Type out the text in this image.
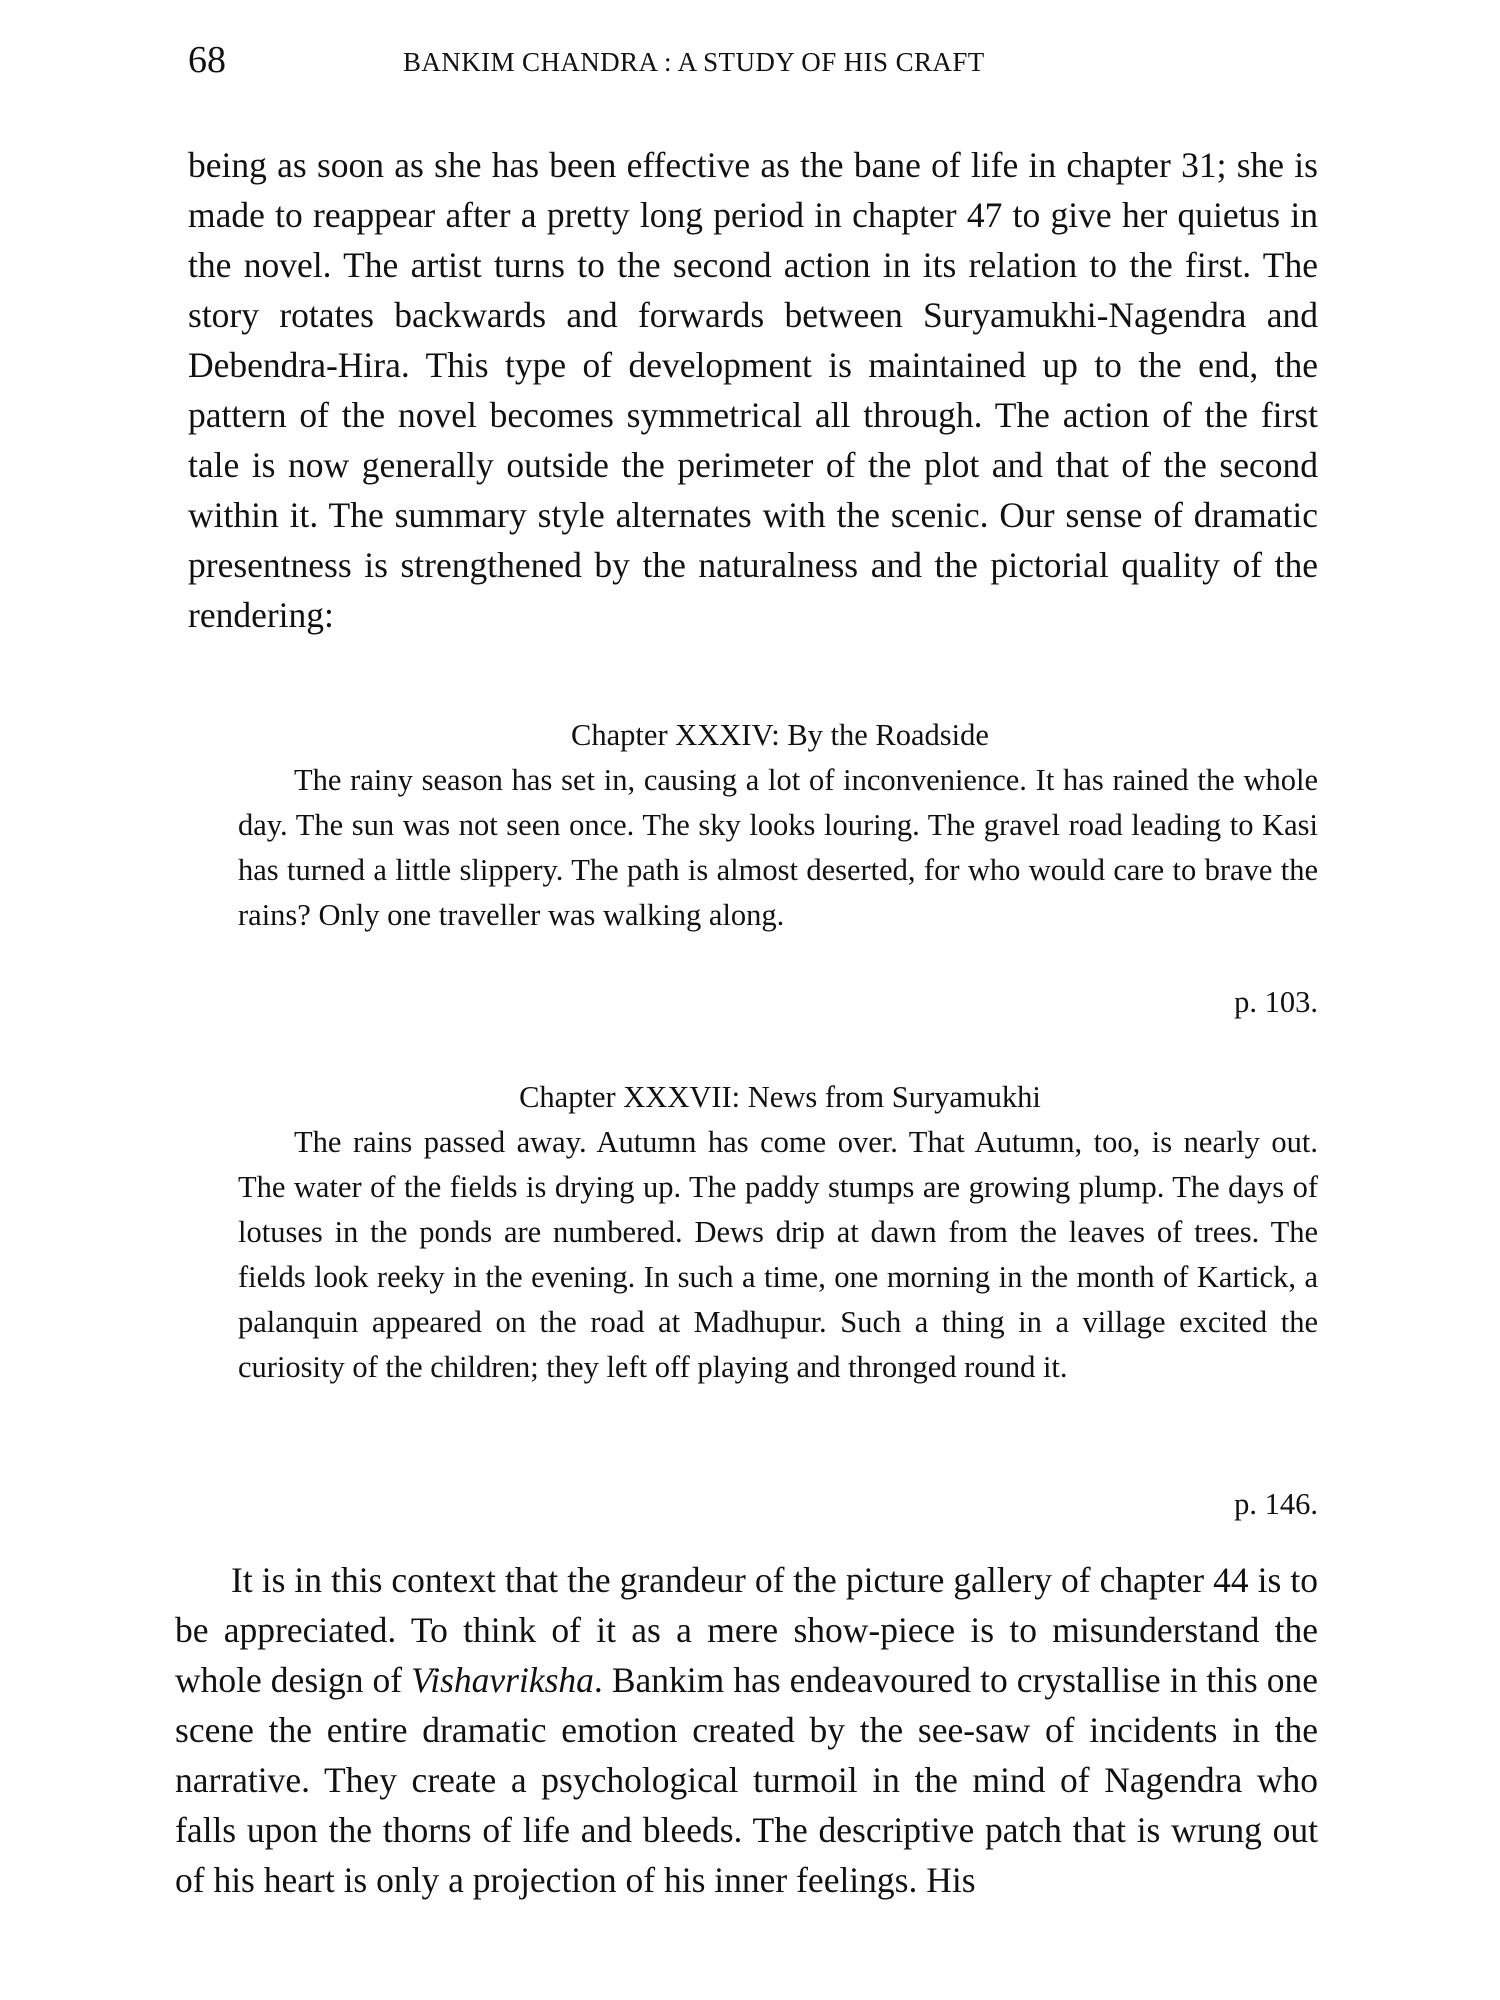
68	BANKIM CHANDRA : A STUDY OF HIS CRAFT

being as soon as she has been effective as the bane of life in chapter 31; she is made to reappear after a pretty long period in chapter 47 to give her quietus in the novel. The artist turns to the second action in its relation to the first. The story rotates backwards and forwards between Suryamukhi-Nagendra and Debendra-Hira. This type of development is maintained up to the end, the pattern of the novel becomes symmetrical all through. The action of the first tale is now generally outside the perimeter of the plot and that of the second within it. The summary style alternates with the scenic. Our sense of dramatic presentness is strengthened by the naturalness and the pictorial quality of the rendering:

Chapter XXXIV: By the Roadside

The rainy season has set in, causing a lot of inconvenience. It has rained the whole day. The sun was not seen once. The sky looks louring. The gravel road leading to Kasi has turned a little slippery. The path is almost deserted, for who would care to brave the rains? Only one traveller was walking along.

p. 103.

Chapter XXXVII: News from Suryamukhi

The rains passed away. Autumn has come over. That Autumn, too, is nearly out. The water of the fields is drying up. The paddy stumps are growing plump. The days of lotuses in the ponds are numbered. Dews drip at dawn from the leaves of trees. The fields look reeky in the evening. In such a time, one morning in the month of Kartick, a palanquin appeared on the road at Madhupur. Such a thing in a village excited the curiosity of the children; they left off playing and thronged round it.

p. 146.

It is in this context that the grandeur of the picture gallery of chapter 44 is to be appreciated. To think of it as a mere show-piece is to misunderstand the whole design of Vishavriksha. Bankim has endeavoured to crystallise in this one scene the entire dramatic emotion created by the see-saw of incidents in the narrative. They create a psychological turmoil in the mind of Nagendra who falls upon the thorns of life and bleeds. The descriptive patch that is wrung out of his heart is only a projection of his inner feelings. His
